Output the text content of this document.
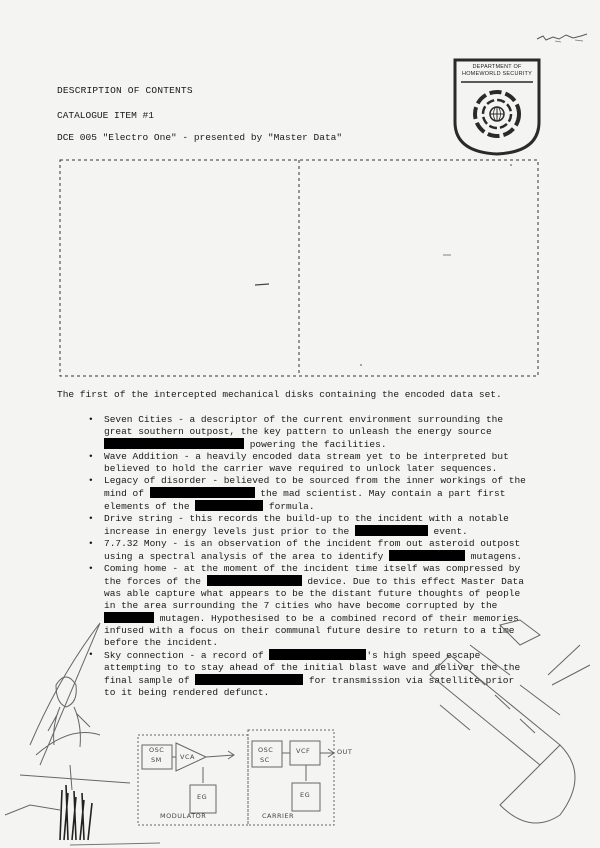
DESCRIPTION OF CONTENTS
CATALOGUE ITEM #1
DCE 005 "Electro One" - presented by "Master Data"
DEPARTMENT OF
HOMEWORLD SECURITY
The first of the intercepted mechanical disks containing the encoded data set.
• Seven Cities - a descriptor of the current environment surrounding the great southern outpost, the key pattern to unleash the energy source  powering the facilities.
• Wave Addition - a heavily encoded data stream yet to be interpreted but believed to hold the carrier wave required to unlock later sequences.
• Legacy of disorder - believed to be sourced from the inner workings of the mind of	the mad scientist. May contain a part first elements of the	formula.
• Drive string - this records the build-up to the incident with a notable increase in energy levels just prior to the	event.
• 7.7.32 Mony - is an observation of the incident from out asteroid outpost using a spectral analysis of the area to identify	mutagens.
• Coming home - at the moment of the incident time itself was compressed by the forces of the	device. Due to this effect Master Data was able capture what appears to be the distant future thoughts of people in the area surrounding the 7 cities who have become corrupted by the  mutagen. Hypothesised to be a combined record of their memories infused with a focus on their communal future desire to return to a time before the incident.
• Sky connection - a record of	's high speed escape attempting to to stay ahead of the initial blast wave and deliver the the final sample of	for transmission via satellite prior to it being rendered defunct.
OSC
SM	VCA
EG
OSC
SC
VCF
EG
OUT
MODULATOR	CARRIER
